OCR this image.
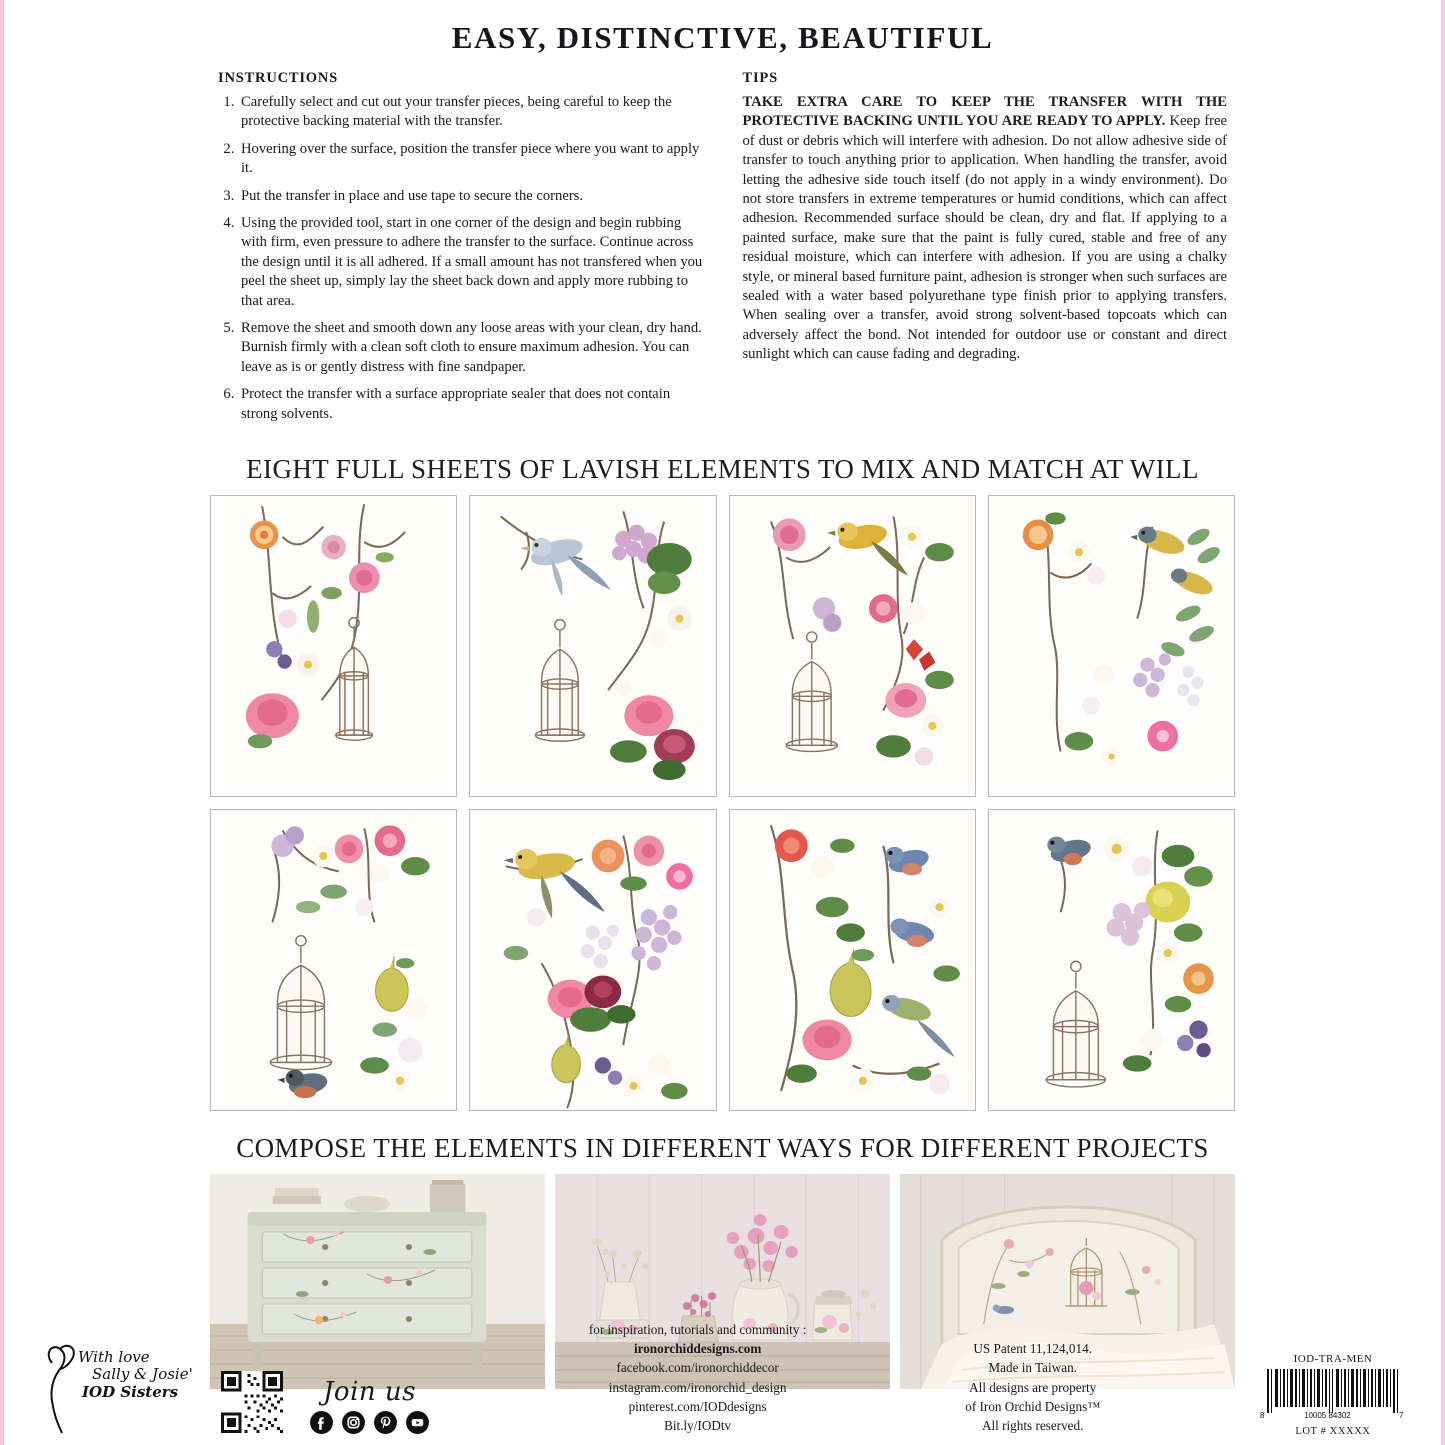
EASY, DISTINCTIVE, BEAUTIFUL
INSTRUCTIONS
1. Carefully select and cut out your transfer pieces, being careful to keep the protective backing material with the transfer.
2. Hovering over the surface, position the transfer piece where you want to apply it.
3. Put the transfer in place and use tape to secure the corners.
4. Using the provided tool, start in one corner of the design and begin rubbing with firm, even pressure to adhere the transfer to the surface. Continue across the design until it is all adhered. If a small amount has not transfered when you peel the sheet up, simply lay the sheet back down and apply more rubbing to that area.
5. Remove the sheet and smooth down any loose areas with your clean, dry hand. Burnish firmly with a clean soft cloth to ensure maximum adhesion. You can leave as is or gently distress with fine sandpaper.
6. Protect the transfer with a surface appropriate sealer that does not contain strong solvents.
TIPS
TAKE EXTRA CARE TO KEEP THE TRANSFER WITH THE PROTECTIVE BACKING UNTIL YOU ARE READY TO APPLY. Keep free of dust or debris which will interfere with adhesion. Do not allow adhesive side of transfer to touch anything prior to application. When handling the transfer, avoid letting the adhesive side touch itself (do not apply in a windy environment). Do not store transfers in extreme temperatures or humid conditions, which can affect adhesion. Recommended surface should be clean, dry and flat. If applying to a painted surface, make sure that the paint is fully cured, stable and free of any residual moisture, which can interfere with adhesion. If you are using a chalky style, or mineral based furniture paint, adhesion is stronger when such surfaces are sealed with a water based polyurethane type finish prior to applying transfers. When sealing over a transfer, avoid strong solvent-based topcoats which can adversely affect the bond. Not intended for outdoor use or constant and direct sunlight which can cause fading and degrading.
EIGHT FULL SHEETS OF LAVISH ELEMENTS TO MIX AND MATCH AT WILL
COMPOSE THE ELEMENTS IN DIFFERENT WAYS FOR DIFFERENT PROJECTS
With love
Sally & Josie'
IOD Sisters	Join us
for inspiration, tutorials and community :
ironorchiddesigns.com
facebook.com/ironorchiddecor
instagram.com/ironorchid_design
pinterest.com/IODdesigns
Bit.ly/IODtv
US Patent 11,124,014.
Made in Taiwan.
All designs are property
of Iron Orchid Designs™
All rights reserved.
IOD-TRA-MEN
8	10005 84302	7
LOT # XXXXX
